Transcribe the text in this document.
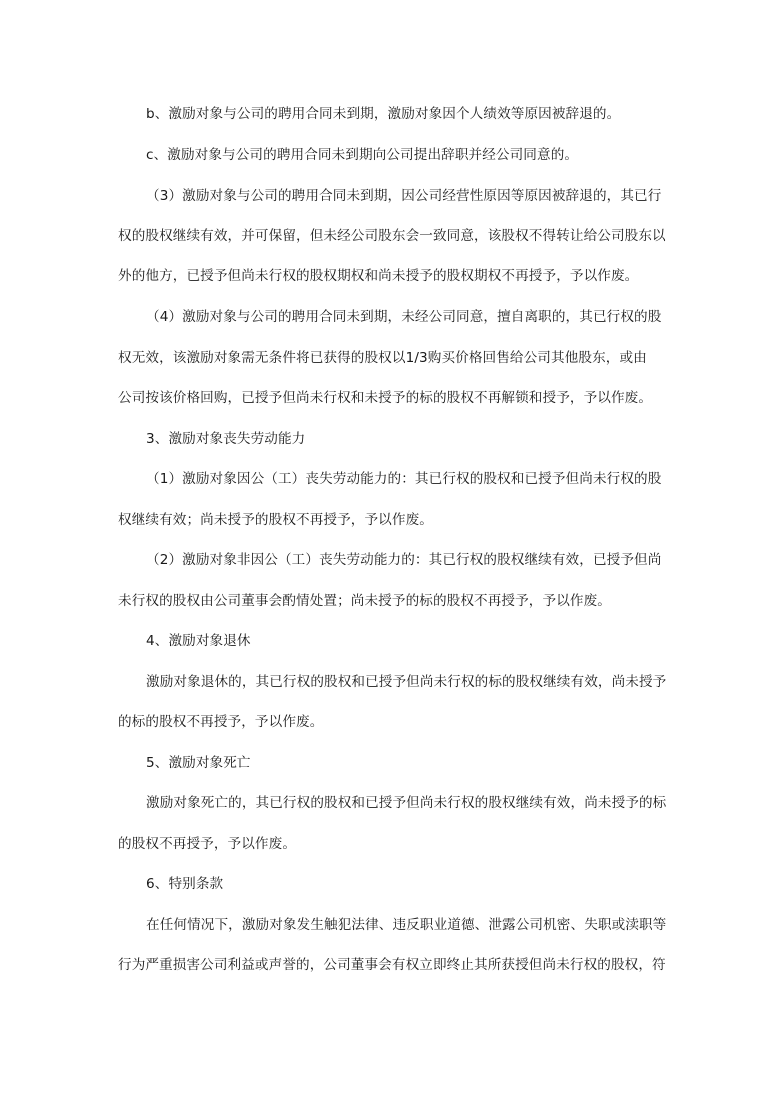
b、激励对象与公司的聘用合同未到期，激励对象因个人绩效等原因被辞退的。
c、激励对象与公司的聘用合同未到期向公司提出辞职并经公司同意的。
（3）激励对象与公司的聘用合同未到期，因公司经营性原因等原因被辞退的，其已行
权的股权继续有效，并可保留，但未经公司股东会一致同意，该股权不得转让给公司股东以
外的他方，已授予但尚未行权的股权期权和尚未授予的股权期权不再授予，予以作废。
（4）激励对象与公司的聘用合同未到期，未经公司同意，擅自离职的，其已行权的股
权无效，该激励对象需无条件将已获得的股权以1/3购买价格回售给公司其他股东，或由
公司按该价格回购，已授予但尚未行权和未授予的标的股权不再解锁和授予，予以作废。
3、激励对象丧失劳动能力
（1）激励对象因公（工）丧失劳动能力的：其已行权的股权和已授予但尚未行权的股
权继续有效；尚未授予的股权不再授予，予以作废。
（2）激励对象非因公（工）丧失劳动能力的：其已行权的股权继续有效，已授予但尚
未行权的股权由公司董事会酌情处置；尚未授予的标的股权不再授予，予以作废。
4、激励对象退休
激励对象退休的，其已行权的股权和已授予但尚未行权的标的股权继续有效，尚未授予
的标的股权不再授予，予以作废。
5、激励对象死亡
激励对象死亡的，其已行权的股权和已授予但尚未行权的股权继续有效，尚未授予的标
的股权不再授予，予以作废。
6、特别条款
在任何情况下，激励对象发生触犯法律、违反职业道德、泄露公司机密、失职或渎职等
行为严重损害公司利益或声誉的，公司董事会有权立即终止其所获授但尚未行权的股权，符
